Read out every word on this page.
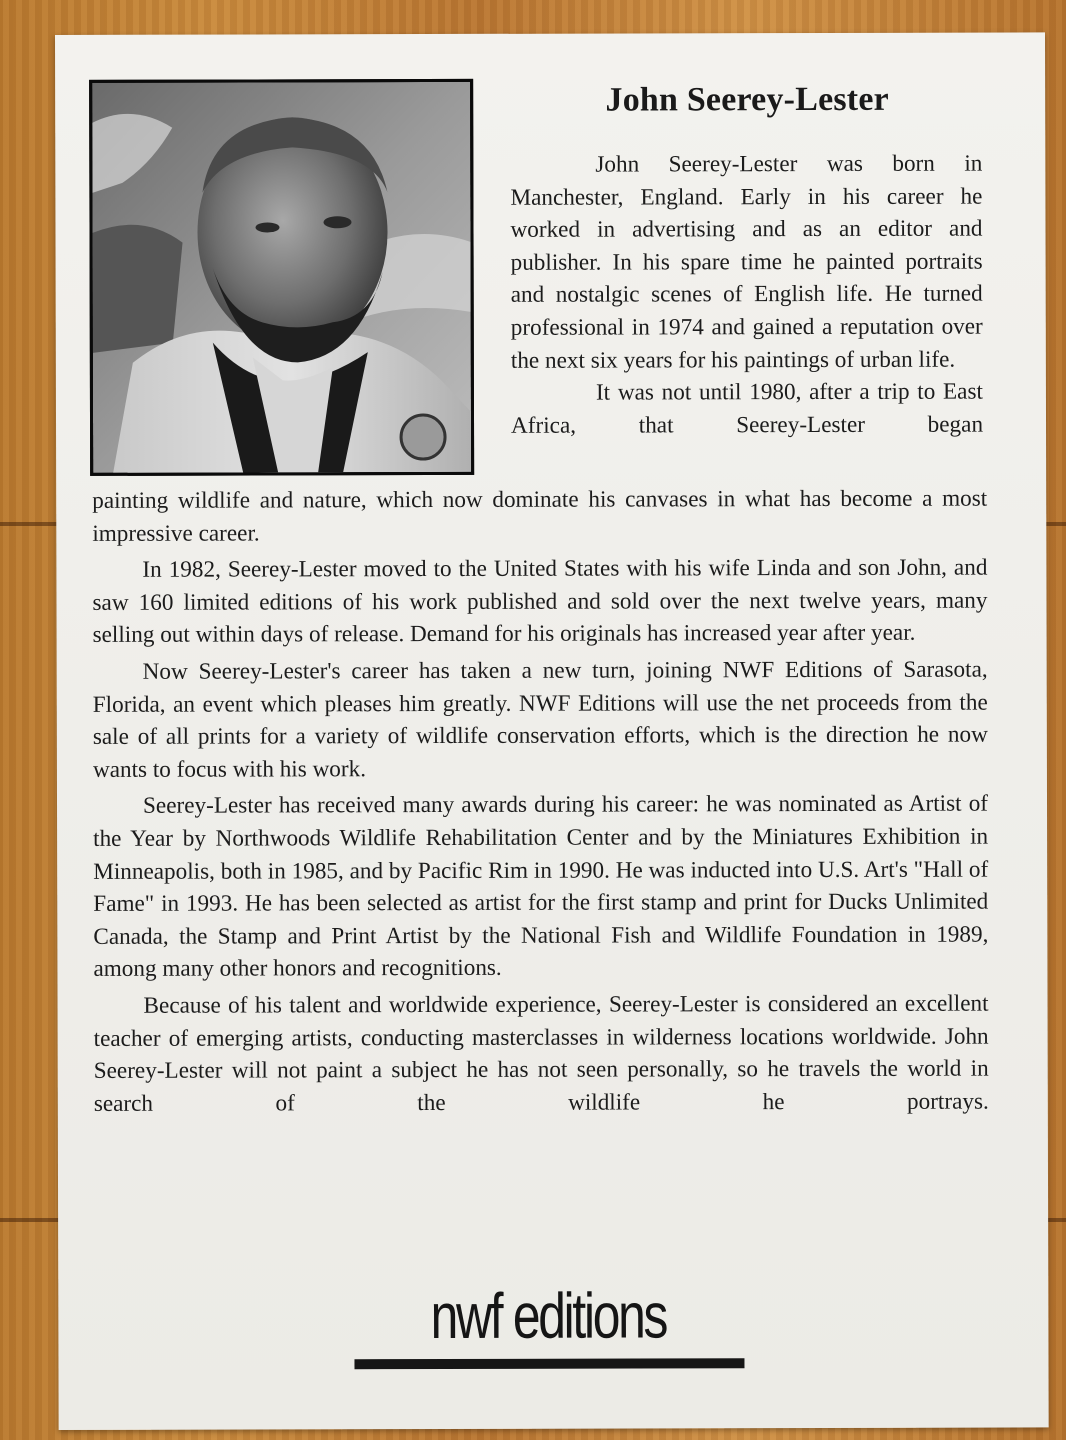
John Seerey-Lester

John Seerey-Lester was born in Manchester, England. Early in his career he worked in advertising and as an editor and publisher. In his spare time he painted portraits and nostalgic scenes of English life. He turned professional in 1974 and gained a reputation over the next six years for his paintings of urban life.

It was not until 1980, after a trip to East Africa, that Seerey-Lester began

painting wildlife and nature, which now dominate his canvases in what has become a most impressive career.

In 1982, Seerey-Lester moved to the United States with his wife Linda and son John, and saw 160 limited editions of his work published and sold over the next twelve years, many selling out within days of release. Demand for his originals has increased year after year.

Now Seerey-Lester's career has taken a new turn, joining NWF Editions of Sarasota, Florida, an event which pleases him greatly. NWF Editions will use the net proceeds from the sale of all prints for a variety of wildlife conservation efforts, which is the direction he now wants to focus with his work.

Seerey-Lester has received many awards during his career: he was nominated as Artist of the Year by Northwoods Wildlife Rehabilitation Center and by the Miniatures Exhibition in Minneapolis, both in 1985, and by Pacific Rim in 1990. He was inducted into U.S. Art's "Hall of Fame" in 1993. He has been selected as artist for the first stamp and print for Ducks Unlimited Canada, the Stamp and Print Artist by the National Fish and Wildlife Foundation in 1989, among many other honors and recognitions.

Because of his talent and worldwide experience, Seerey-Lester is considered an excellent teacher of emerging artists, conducting masterclasses in wilderness locations worldwide. John Seerey-Lester will not paint a subject he has not seen personally, so he travels the world in search of the wildlife he portrays.

nwf editions
